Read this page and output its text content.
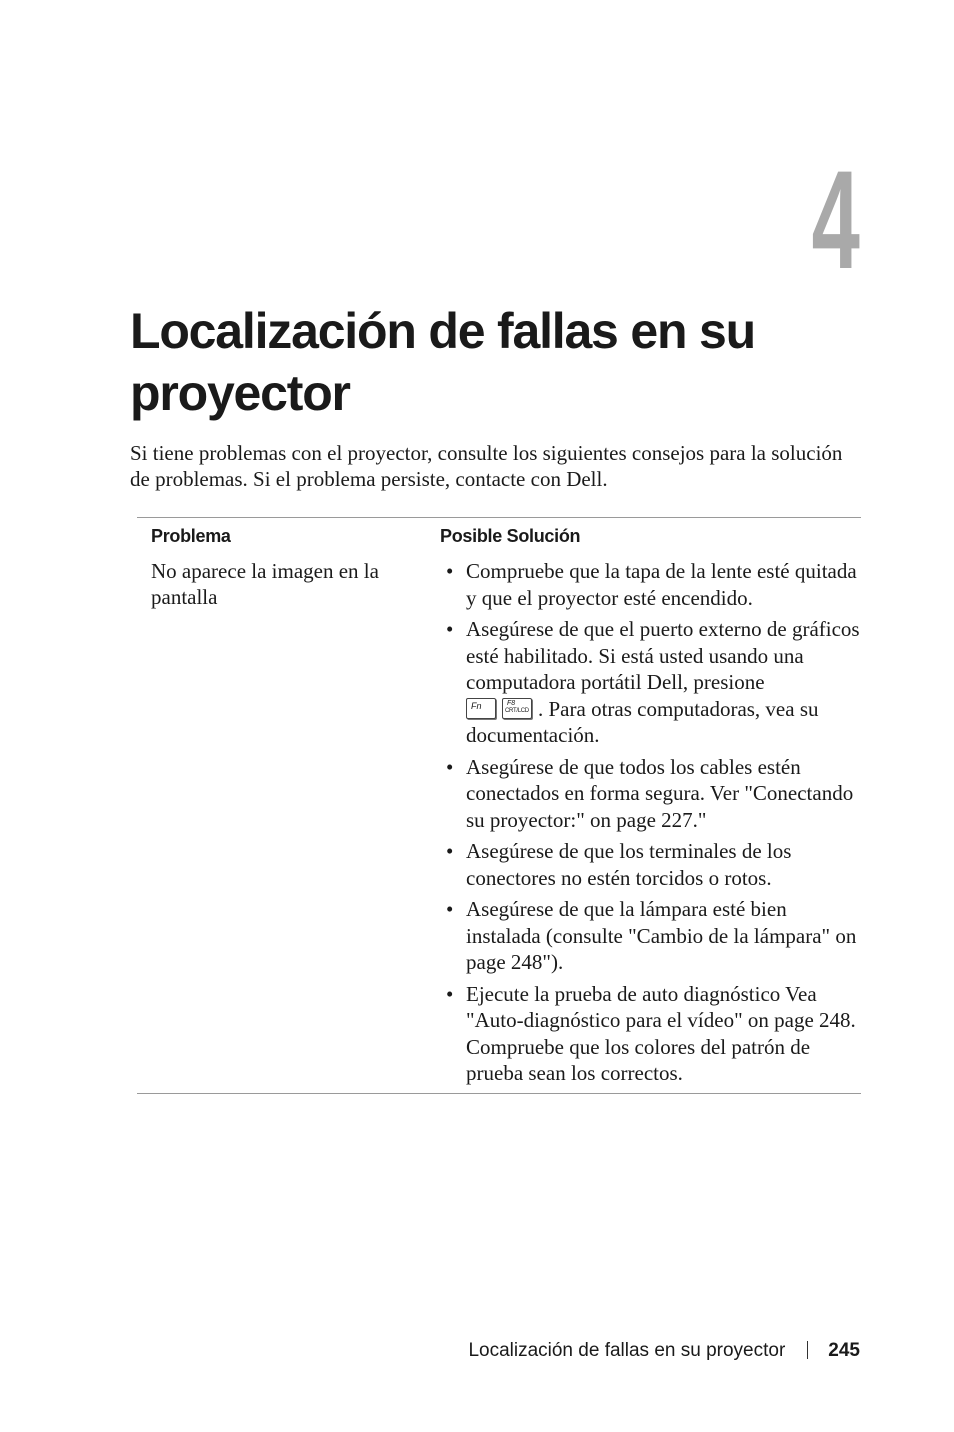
4
Localización de fallas en su proyector

Si tiene problemas con el proyector, consulte los siguientes consejos para la solución de problemas. Si el problema persiste, contacte con Dell.

Problema	Posible Solución
No aparece la imagen en la pantalla
• Compruebe que la tapa de la lente esté quitada y que el proyector esté encendido.
• Asegúrese de que el puerto externo de gráficos esté habilitado. Si está usted usando una computadora portátil Dell, presione

Fn	F8
CRT/LCD . Para otras computadoras, vea su documentación.
• Asegúrese de que todos los cables estén conectados en forma segura. Ver "Conectando su proyector:" on page 227."
• Asegúrese de que los terminales de los conectores no estén torcidos o rotos.
• Asegúrese de que la lámpara esté bien instalada (consulte "Cambio de la lámpara" on page 248").
• Ejecute la prueba de auto diagnóstico Vea "Auto-diagnóstico para el vídeo" on page 248. Compruebe que los colores del patrón de prueba sean los correctos.
Localización de fallas en su proyector 245
